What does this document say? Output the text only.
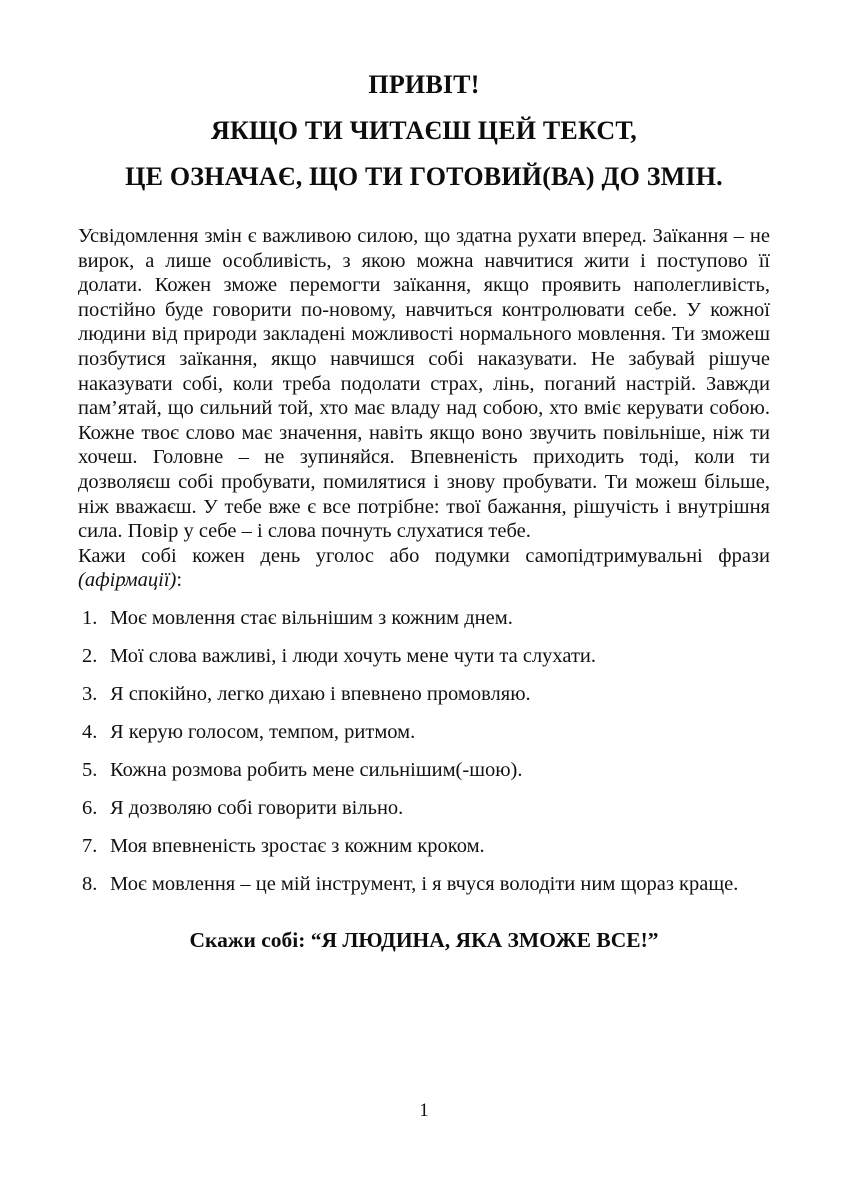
ПРИВІТ!
ЯКЩО ТИ ЧИТАЄШ ЦЕЙ ТЕКСТ,
ЦЕ ОЗНАЧАЄ, ЩО ТИ ГОТОВИЙ(ВА) ДО ЗМІН.
Усвідомлення змін є важливою силою, що здатна рухати вперед. Заїкання – не вирок, а лише особливість, з якою можна навчитися жити і поступово її долати. Кожен зможе перемогти заїкання, якщо проявить наполегливість, постійно буде говорити по-новому, навчиться контролювати себе. У кожної людини від природи закладені можливості нормального мовлення. Ти зможеш позбутися заїкання, якщо навчишся собі наказувати. Не забувай рішуче наказувати собі, коли треба подолати страх, лінь, поганий настрій. Завжди пам’ятай, що сильний той, хто має владу над собою, хто вміє керувати собою. Кожне твоє слово має значення, навіть якщо воно звучить повільніше, ніж ти хочеш. Головне – не зупиняйся. Впевненість приходить тоді, коли ти дозволяєш собі пробувати, помилятися і знову пробувати. Ти можеш більше, ніж вважаєш. У тебе вже є все потрібне: твої бажання, рішучість і внутрішня сила. Повір у себе – і слова почнуть слухатися тебе.
Кажи собі кожен день уголос або подумки самопідтримувальні фрази (афірмації):
1. Моє мовлення стає вільнішим з кожним днем.
2. Мої слова важливі, і люди хочуть мене чути та слухати.
3. Я спокійно, легко дихаю і впевнено промовляю.
4. Я керую голосом, темпом, ритмом.
5. Кожна розмова робить мене сильнішим(-шою).
6. Я дозволяю собі говорити вільно.
7. Моя впевненість зростає з кожним кроком.
8. Моє мовлення – це мій інструмент, і я вчуся володіти ним щораз краще.
Скажи собі: “Я ЛЮДИНА, ЯКА ЗМОЖЕ ВСЕ!”
1
